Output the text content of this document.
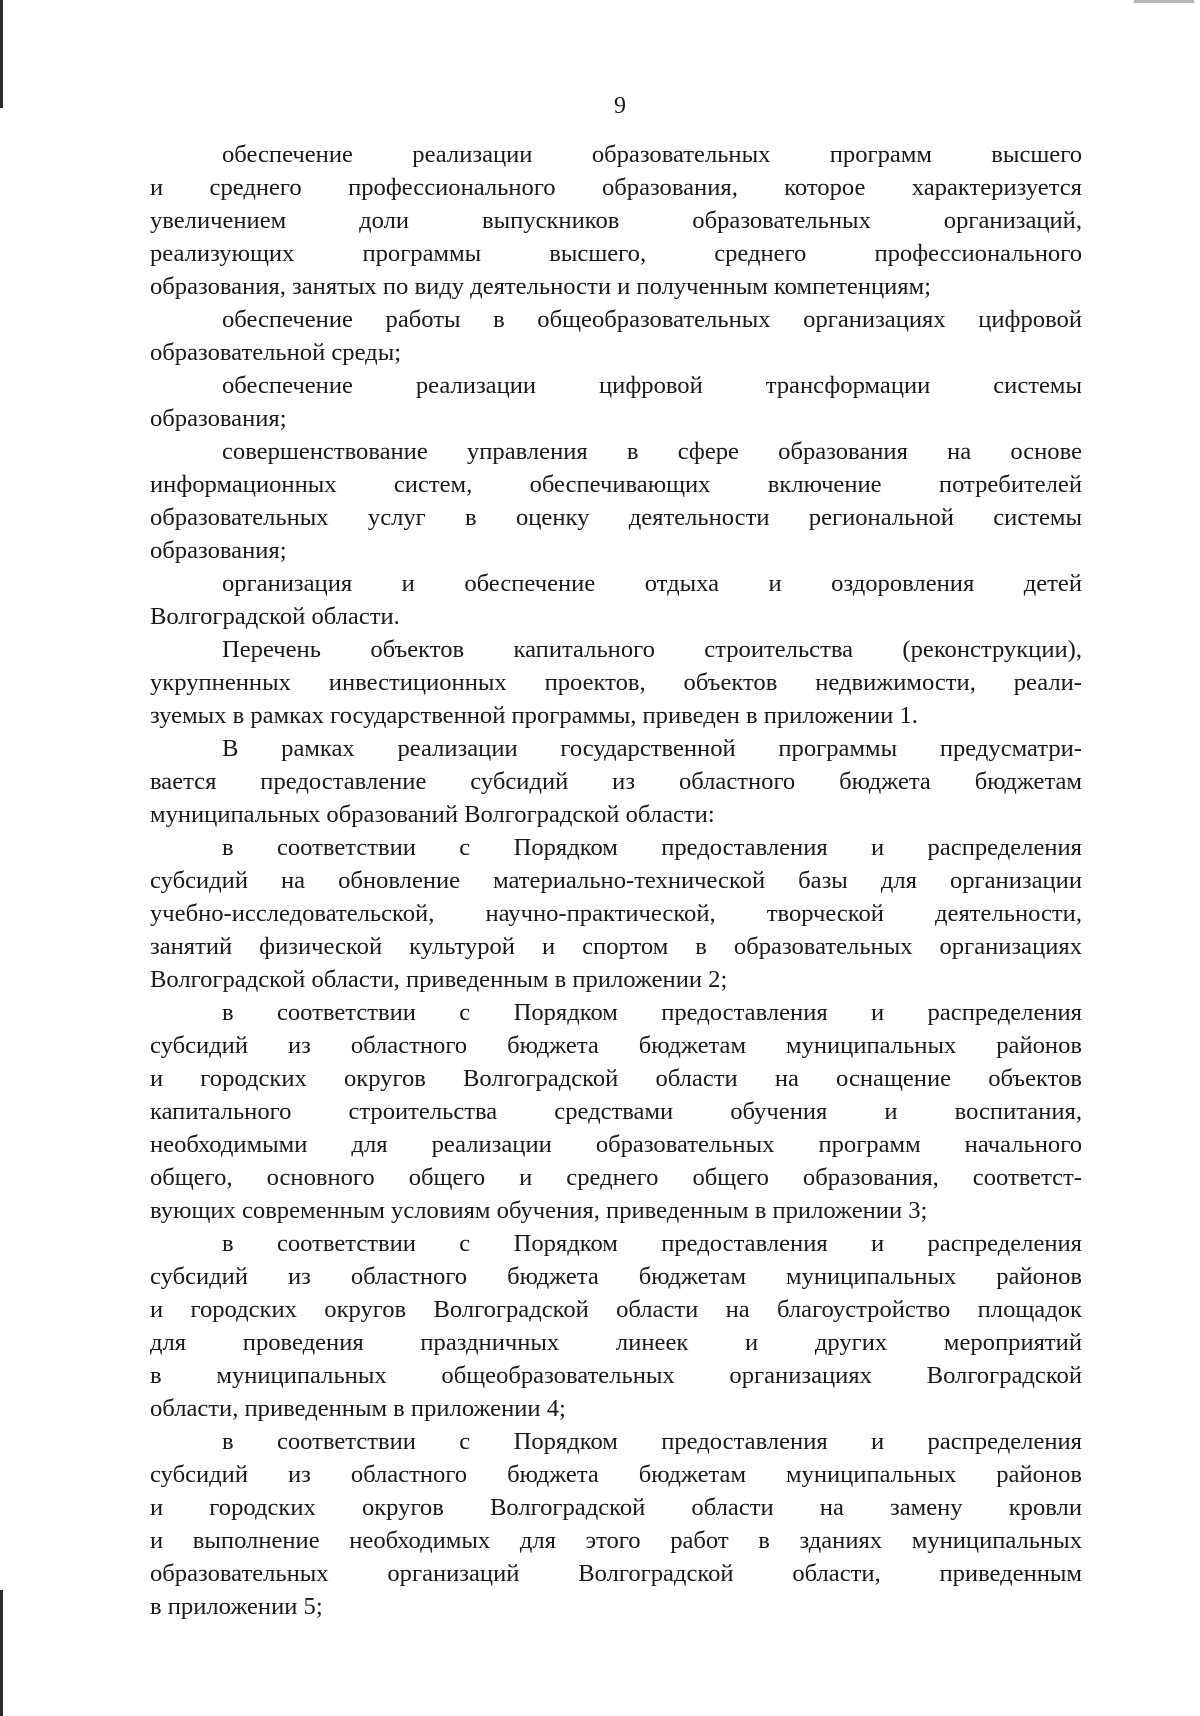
9
обеспечение реализации образовательных программ высшего
и среднего профессионального образования, которое характеризуется
увеличением доли выпускников образовательных организаций,
реализующих программы высшего, среднего профессионального
образования, занятых по виду деятельности и полученным компетенциям;
обеспечение работы в общеобразовательных организациях цифровой
образовательной среды;
обеспечение реализации цифровой трансформации системы
образования;
совершенствование управления в сфере образования на основе
информационных систем, обеспечивающих включение потребителей
образовательных услуг в оценку деятельности региональной системы
образования;
организация и обеспечение отдыха и оздоровления детей
Волгоградской области.
Перечень объектов капитального строительства (реконструкции),
укрупненных инвестиционных проектов, объектов недвижимости, реали-
зуемых в рамках государственной программы, приведен в приложении 1.
В рамках реализации государственной программы предусматри-
вается предоставление субсидий из областного бюджета бюджетам
муниципальных образований Волгоградской области:
в соответствии с Порядком предоставления и распределения
субсидий на обновление материально-технической базы для организации
учебно-исследовательской, научно-практической, творческой деятельности,
занятий физической культурой и спортом в образовательных организациях
Волгоградской области, приведенным в приложении 2;
в соответствии с Порядком предоставления и распределения
субсидий из областного бюджета бюджетам муниципальных районов
и городских округов Волгоградской области на оснащение объектов
капитального строительства средствами обучения и воспитания,
необходимыми для реализации образовательных программ начального
общего, основного общего и среднего общего образования, соответст-
вующих современным условиям обучения, приведенным в приложении 3;
в соответствии с Порядком предоставления и распределения
субсидий из областного бюджета бюджетам муниципальных районов
и городских округов Волгоградской области на благоустройство площадок
для проведения праздничных линеек и других мероприятий
в муниципальных общеобразовательных организациях Волгоградской
области, приведенным в приложении 4;
в соответствии с Порядком предоставления и распределения
субсидий из областного бюджета бюджетам муниципальных районов
и городских округов Волгоградской области на замену кровли
и выполнение необходимых для этого работ в зданиях муниципальных
образовательных организаций Волгоградской области, приведенным
в приложении 5;
